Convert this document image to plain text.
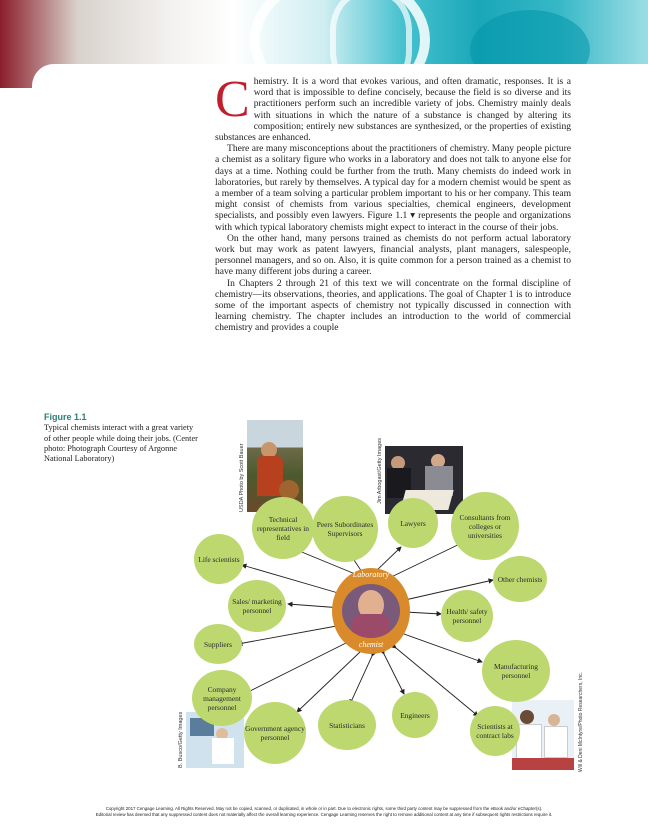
Chemistry. It is a word that evokes various, and often dramatic, responses. It is a word that is impossible to define concisely, because the field is so diverse and its practitioners perform such an incredible variety of jobs. Chemistry mainly deals with situations in which the nature of a substance is changed by altering its composition; entirely new substances are synthesized, or the properties of existing substances are enhanced.

There are many misconceptions about the practitioners of chemistry. Many people picture a chemist as a solitary figure who works in a laboratory and does not talk to anyone else for days at a time. Nothing could be further from the truth. Many chemists do indeed work in laboratories, but rarely by themselves. A typical day for a modern chemist would be spent as a member of a team solving a particular problem important to his or her company. This team might consist of chemists from various specialties, chemical engineers, development specialists, and possibly even lawyers. Figure 1.1 ▾ represents the people and organizations with which typical laboratory chemists might expect to interact in the course of their jobs.

On the other hand, many persons trained as chemists do not perform actual laboratory work but may work as patent lawyers, financial analysts, plant managers, salespeople, personnel managers, and so on. Also, it is quite common for a person trained as a chemist to have many different jobs during a career.

In Chapters 2 through 21 of this text we will concentrate on the formal discipline of chemistry—its observations, theories, and applications. The goal of Chapter 1 is to introduce some of the important aspects of chemistry not typically discussed in connection with learning chemistry. The chapter includes an introduction to the world of commercial chemistry and provides a couple

Figure 1.1
Typical chemists interact with a great variety of other people while doing their jobs. (Center photo: Photograph Courtesy of Argonne National Laboratory)	USDA Photo by Scott Bauer	Jim Arbogast/Getty Images
B. Busco/Getty Images	Will & Deni McIntyre/Photo Researchers, Inc.
Technical representatives in field
Peers Subordinates Supervisors
Lawyers
Consultants from colleges or universities
Life scientists
Other chemists
Sales/ marketing personnel	Health/ safety personnel
Suppliers
Manufacturing personnel
Company management personnel
Government agency personnel
Statisticians
Engineers
Scientists at contract labs
Laboratory
chemist
Copyright 2017 Cengage Learning. All Rights Reserved. May not be copied, scanned, or duplicated, in whole or in part. Due to electronic rights, some third party content may be suppressed from the eBook and/or eChapter(s).
Editorial review has deemed that any suppressed content does not materially affect the overall learning experience. Cengage Learning reserves the right to remove additional content at any time if subsequent rights restrictions require it.
